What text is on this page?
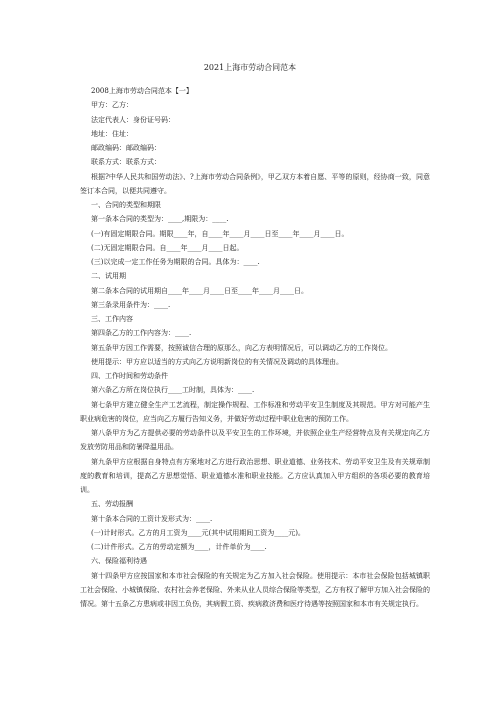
2021上海市劳动合同范本

2008上海市劳动合同范本【一】

甲方：乙方：

法定代表人：身份证号码：

地址：住址：

邮政编码：邮政编码：

联系方式：联系方式：

根据?中华人民共和国劳动法》、?上海市劳动合同条例》，甲乙双方本着自愿、平等的原则，经协商一致，同意签订本合同，以便共同遵守。

一、合同的类型和期限

第一条本合同的类型为：____,期限为：____.

(一)有固定期限合同。期限____年，自____年____月____日至____年____月____日。

(二)无固定期限合同。自____年____月____日起。

(三)以完成一定工作任务为期限的合同。具体为：____.

二、试用期

第二条本合同的试用期自____年____月____日至____年____月____日。

第三条录用条件为：____.

三、工作内容

第四条乙方的工作内容为：____.

第五条甲方因工作需要，按照诚信合理的原那么，向乙方表明情况后，可以调动乙方的工作岗位。

使用提示：甲方应以适当的方式向乙方说明新岗位的有关情况及调动的具体理由。

四、工作时间和劳动条件

第六条乙方所在岗位执行____工时制，具体为：____.

第七条甲方建立健全生产工艺流程，制定操作规程、工作标准和劳动平安卫生制度及其规范。甲方对可能产生职业病危害的岗位，应当向乙方履行告知义务，并做好劳动过程中职业危害的预防工作。

第八条甲方为乙方提供必要的劳动条件以及平安卫生的工作环境，并依照企业生产经营特点及有关规定向乙方发放劳防用品和防暑降温用品。

第九条甲方应根据自身特点有方案地对乙方进行政治思想、职业道德、业务技术、劳动平安卫生及有关规章制度的教育和培训，提高乙方思想觉悟、职业道德水准和职业技能。乙方应认真加入甲方组织的各项必要的教育培训。

五、劳动报酬

第十条本合同的工资计发形式为：____.

(一)计时形式。乙方的月工资为____元(其中试用期间工资为____元)。

(二)计件形式。乙方的劳动定额为____，计件单价为____.

六、保险福利待遇

第十四条甲方应按国家和本市社会保险的有关规定为乙方加入社会保险。使用提示：本市社会保险包括城镇职工社会保险、小城镇保险、农村社会养老保险、外来从业人员综合保险等类型，乙方有权了解甲方加入社会保险的情况。第十五条乙方患病或非因工负伤，其病假工资、疾病救济费和医疗待遇等按照国家和本市有关规定执行。
